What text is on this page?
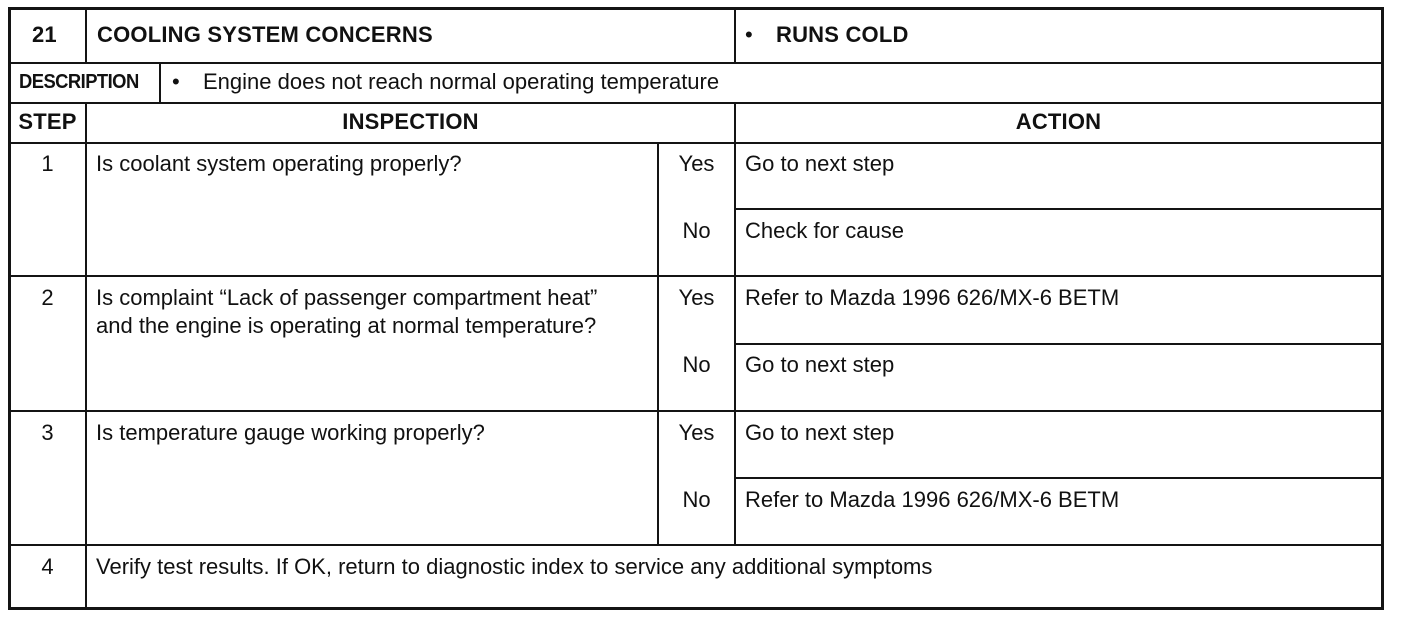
21 COOLING SYSTEM CONCERNS	• RUNS COLD
DESCRIPTION • Engine does not reach normal operating temperature
STEP	INSPECTION	ACTION
1	Is coolant system operating properly?	Yes	Go to next step
No	Check for cause
2	Is complaint “Lack of passenger compartment heat”
and the engine is operating at normal temperature?
Yes	Refer to Mazda 1996 626/MX-6 BETM
No	Go to next step
3	Is temperature gauge working properly?	Yes	Go to next step
No	Refer to Mazda 1996 626/MX-6 BETM
4	Verify test results. If OK, return to diagnostic index to service any additional symptoms
